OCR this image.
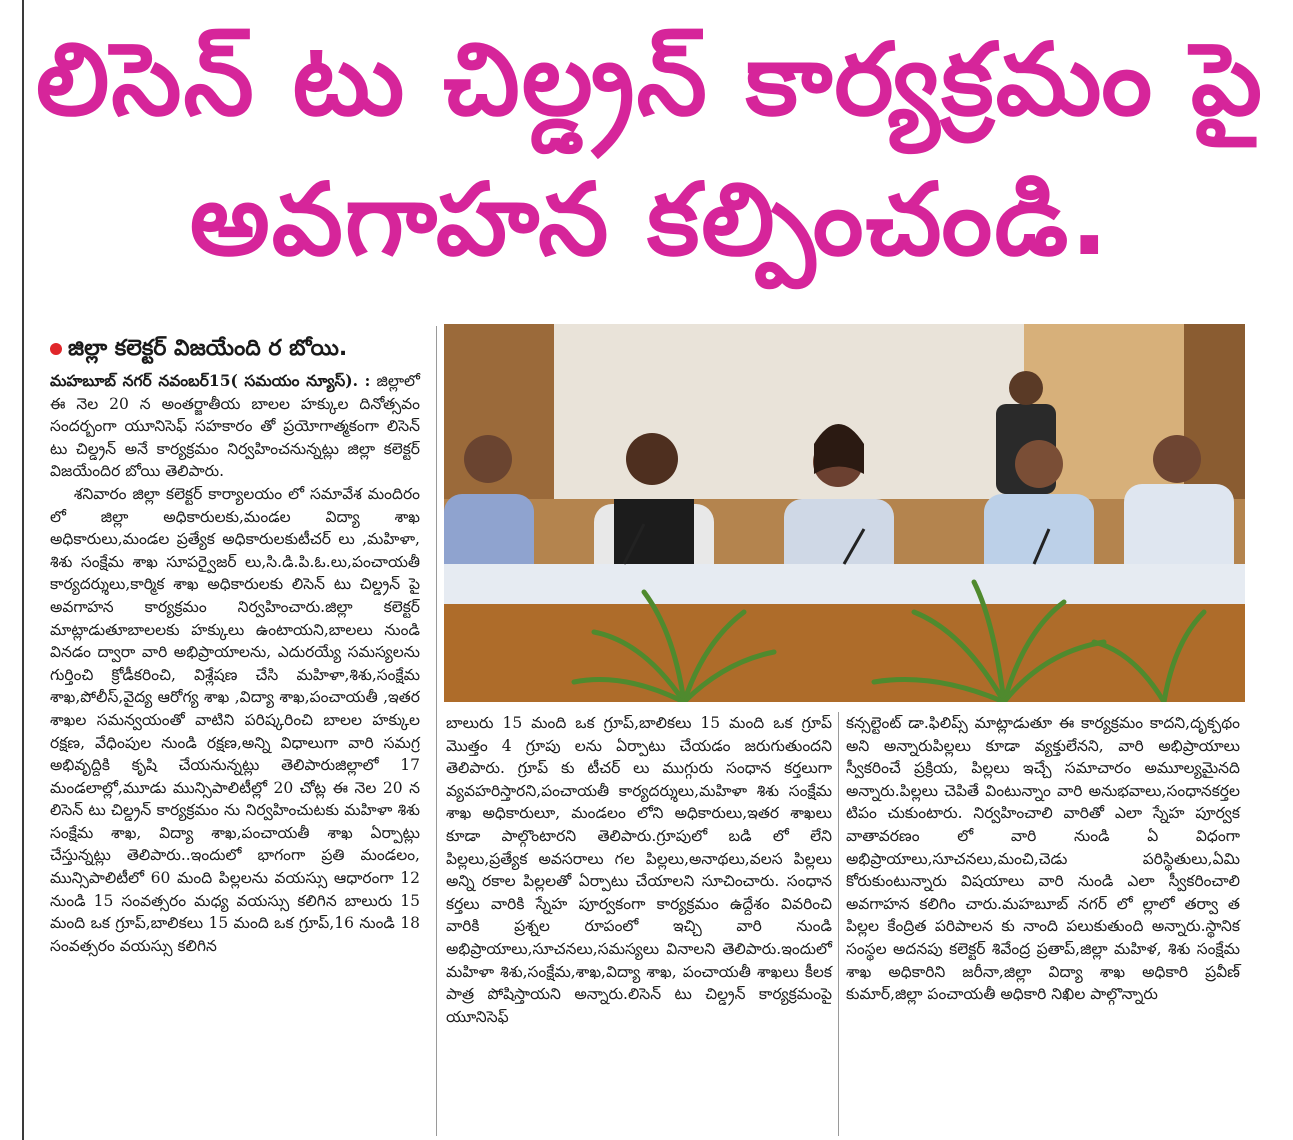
లిసెన్ టు చిల్డ్రన్ కార్యక్రమం పై
అవగాహన కల్పించండి.
జిల్లా కలెక్టర్ విజయేంది ర బోయి.
మహబూబ్ నగర్ నవంబర్15( సమయం న్యూస్). : జిల్లాలో ఈ నెల 20 న అంతర్జాతీయ బాలల హక్కుల దినోత్సవం సందర్బంగా యూనిసెఫ్ సహకారం తో ప్రయోగాత్మకంగా లిసెన్ టు చిల్డ్రన్ అనే కార్యక్రమం నిర్వహించనున్నట్లు జిల్లా కలెక్టర్ విజయేందిర బోయి తెలిపారు.
శనివారం జిల్లా కలెక్టర్ కార్యాలయం లో సమావేశ మందిరం లో జిల్లా అధికారులకు,మండల విద్యా శాఖ అధికారులు,మండల ప్రత్యేక అధికారులకుటీచర్ లు ,మహిళా, శిశు సంక్షేమ శాఖ సూపర్వైజర్ లు,సి.డి.పి.ఓ.లు,పంచాయతీ కార్యదర్శులు,కార్మిక శాఖ అధికారులకు లిసెన్ టు చిల్డ్రన్ పై అవగాహన కార్యక్రమం నిర్వహించారు.జిల్లా కలెక్టర్ మాట్లాడుతూబాలలకు హక్కులు ఉంటాయని,బాలలు నుండి వినడం ద్వారా వారి అభిప్రాయాలను, ఎదురయ్యే సమస్యలను గుర్తించి క్రోడీకరించి, విశ్లేషణ చేసి మహిళా,శిశు,సంక్షేమ శాఖ,పోలీస్,వైద్య ఆరోగ్య శాఖ ,విద్యా శాఖ,పంచాయతీ ,ఇతర శాఖల సమన్వయంతో వాటిని పరిష్కరించి బాలల హక్కుల రక్షణ, వేధింపుల నుండి రక్షణ,అన్ని విధాలుగా వారి సమగ్ర అభివృద్దికి కృషి చేయనున్నట్లు తెలిపారుజిల్లాలో 17 మండలాల్లో,మూడు మున్సిపాలిటీల్లో 20 చోట్ల ఈ నెల 20 న లిసెన్ టు చిల్డ్రన్ కార్యక్రమం ను నిర్వహించుటకు మహిళా శిశు సంక్షేమ శాఖ, విద్యా శాఖ,పంచాయతీ శాఖ ఏర్పాట్లు చేస్తున్నట్లు తెలిపారు..ఇందులో భాగంగా ప్రతి మండలం, మున్సిపాలిటీలో 60 మంది పిల్లలను వయస్సు ఆధారంగా 12 నుండి 15 సంవత్సరం మధ్య వయస్సు కలిగిన బాలురు 15 మంది ఒక గ్రూప్,బాలికలు 15 మంది ఒక గ్రూప్,16 నుండి 18 సంవత్సరం వయస్సు కలిగిన
బాలురు 15 మంది ఒక గ్రూప్,బాలికలు 15 మంది ఒక గ్రూప్ మొత్తం 4 గ్రూపు లను ఏర్పాటు చేయడం జరుగుతుందని తెలిపారు. గ్రూప్ కు టీచర్ లు ముగ్గురు సంధాన కర్తలుగా వ్యవహరిస్తారని,పంచాయతీ కార్యదర్శులు,మహిళా శిశు సంక్షేమ శాఖ అధికారులూ, మండలం లోని అధికారులు,ఇతర శాఖలు కూడా పాల్గొంటారని తెలిపారు.గ్రూపులో బడి లో లేని పిల్లలు,ప్రత్యేక అవసరాలు గల పిల్లలు,అనాథలు,వలస పిల్లలు అన్ని రకాల పిల్లలతో ఏర్పాటు చేయాలని సూచించారు. సంధాన కర్తలు వారికి స్నేహ పూర్వకంగా కార్యక్రమం ఉద్దేశం వివరించి వారికి ప్రశ్నల రూపంలో ఇచ్చి వారి నుండి అభిప్రాయాలు,సూచనలు,సమస్యలు వినాలని తెలిపారు.ఇందులో మహిళా శిశు,సంక్షేమ,శాఖ,విద్యా శాఖ, పంచాయతీ శాఖలు కీలక పాత్ర పోషిస్తాయని అన్నారు.లిసెన్ టు చిల్డ్రన్ కార్యక్రమంపై యూనిసెఫ్
కన్సల్టెంట్ డా.ఫిలిప్స్ మాట్లాడుతూ ఈ కార్యక్రమం కాదని,దృక్పథం అని అన్నారుపిల్లలు కూడా వ్యక్తులేనని, వారి అభిప్రాయాలు స్వీకరించే ప్రక్రియ, పిల్లలు ఇచ్చే సమాచారం అమూల్యమైనది అన్నారు.పిల్లలు చెపితే వింటున్నాం వారి అనుభవాలు,సంధానకర్తల టిపం చుకుంటారు. నిర్వహించాలి వారితో ఎలా స్నేహ పూర్వక వాతావరణం లో వారి నుండి ఏ విధంగా అభిప్రాయాలు,సూచనలు,మంచి,చెడు పరిస్థితులు,ఏమి కోరుకుంటున్నారు విషయాలు వారి నుండి ఎలా స్వీకరించాలి అవగాహన కలిగిం చారు.మహబూబ్ నగర్ లో ల్లాలో తర్వా త పిల్లల కేంద్రిత పరిపాలన కు నాంది పలుకుతుంది అన్నారు.స్థానిక సంస్థల అదనపు కలెక్టర్ శివేంద్ర ప్రతాప్,జిల్లా మహిళ, శిశు సంక్షేమ శాఖ అధికారిని జరీనా,జిల్లా విద్యా శాఖ అధికారి ప్రవీణ్ కుమార్,జిల్లా పంచాయతీ అధికారి నిఖిల పాల్గొన్నారు
